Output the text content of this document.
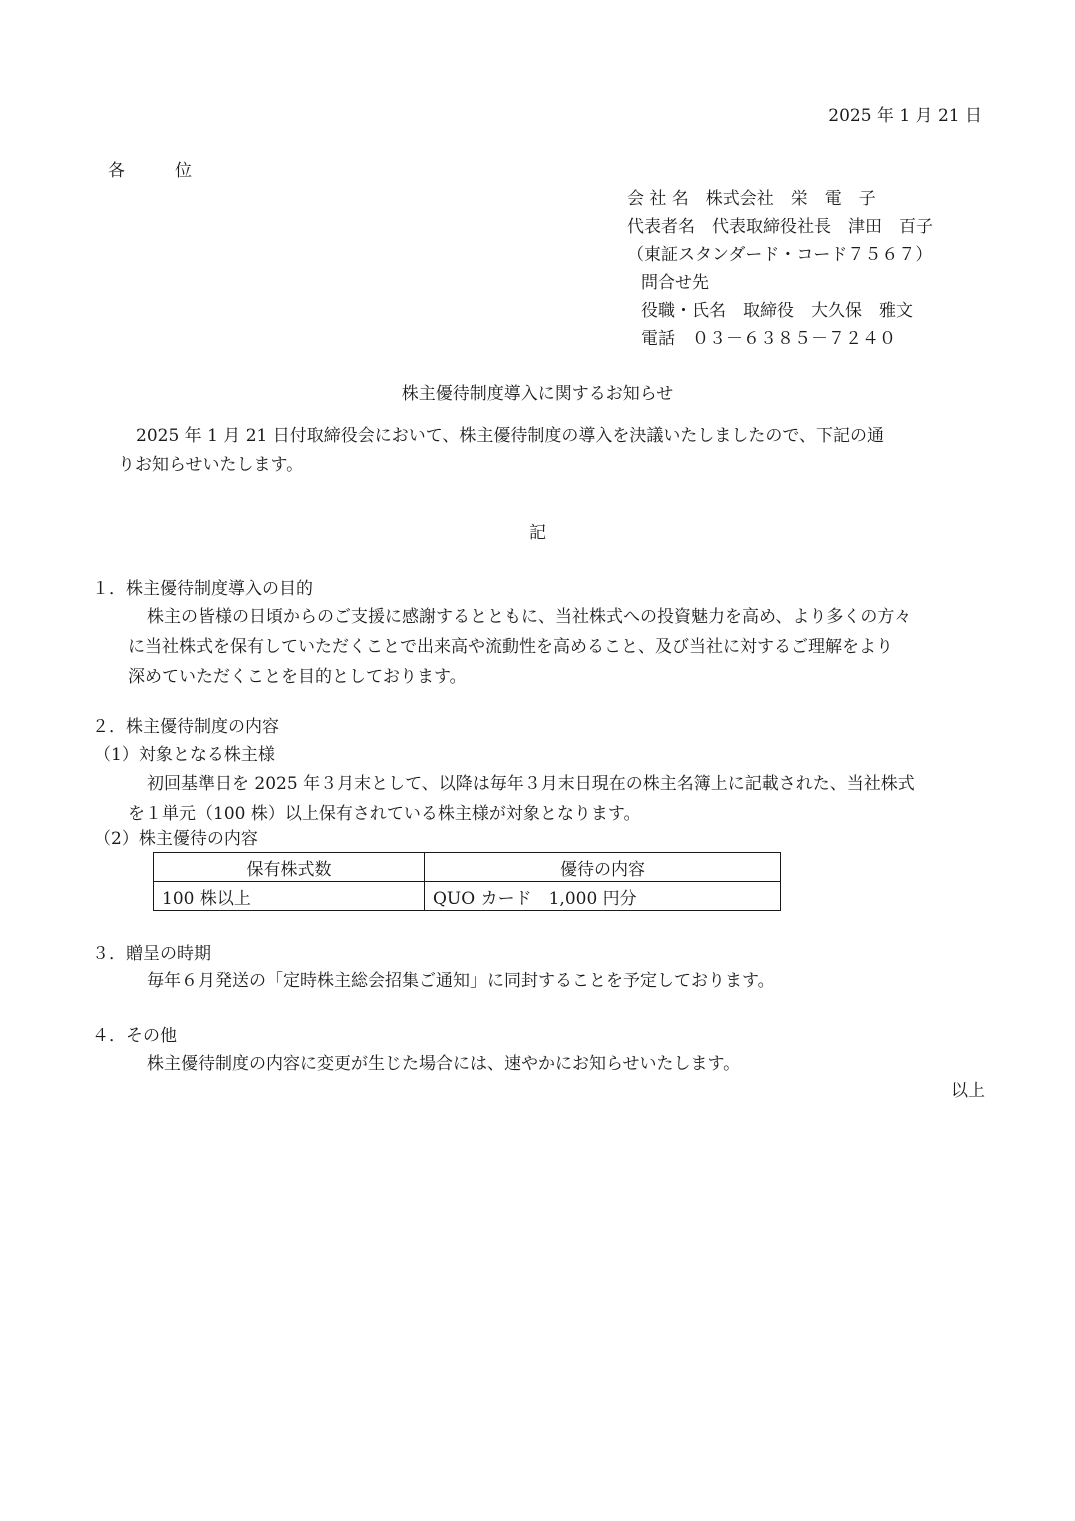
2025 年 1 月 21 日
各	位
会 社 名　株式会社　栄　電　子
代表者名　代表取締役社長　津田　百子
（東証スタンダード・コード７５６７）
問合せ先
役職・氏名　取締役　大久保　雅文
電話　０３－６３８５－７２４０
株主優待制度導入に関するお知らせ
2025 年 1 月 21 日付取締役会において、株主優待制度の導入を決議いたしましたので、下記の通
りお知らせいたします。
記
１．株主優待制度導入の目的
株主の皆様の日頃からのご支援に感謝するとともに、当社株式への投資魅力を高め、より多くの方々
に当社株式を保有していただくことで出来高や流動性を高めること、及び当社に対するご理解をより
深めていただくことを目的としております。
２．株主優待制度の内容
（1）対象となる株主様
初回基準日を 2025 年３月末として、以降は毎年３月末日現在の株主名簿上に記載された、当社株式
を１単元（100 株）以上保有されている株主様が対象となります。
（2）株主優待の内容
保有株式数	優待の内容
100 株以上	QUO カード　1,000 円分
３．贈呈の時期
毎年６月発送の「定時株主総会招集ご通知」に同封することを予定しております。
４．その他
株主優待制度の内容に変更が生じた場合には、速やかにお知らせいたします。
以上
